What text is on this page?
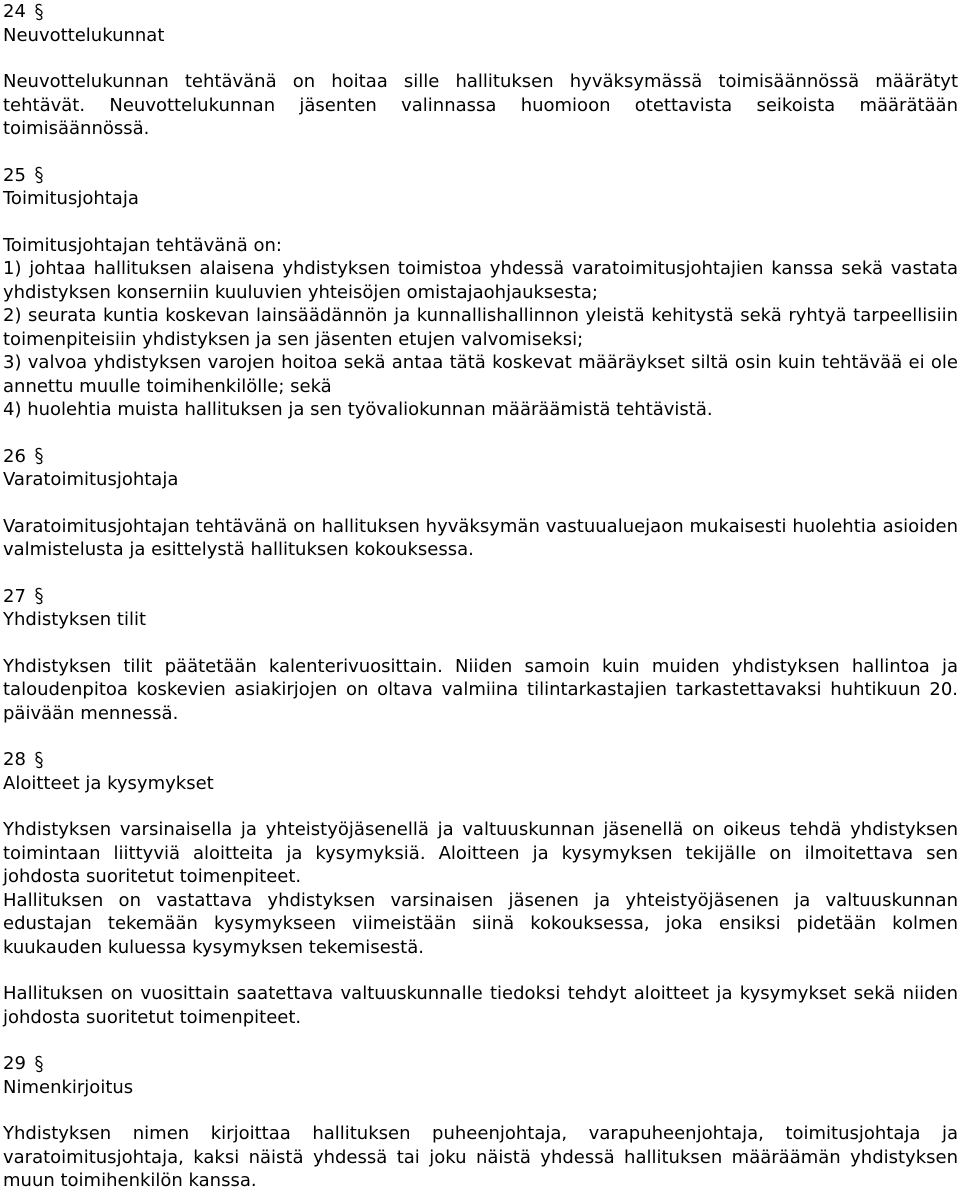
24

Neuvottelukunnat

Neuvottelukunnan tehtävänä on hoitaa sille hallituksen hyväksymässä toimisäännössä määrätyt tehtävät. Neuvottelukunnan jäsenten valinnassa huomioon otettavista seikoista määrätään toimisäännössä.

25

Toimitusjohtaja

Toimitusjohtajan tehtävänä on:

1) johtaa hallituksen alaisena yhdistyksen toimistoa yhdessä varatoimitusjohtajien kanssa sekä vastata yhdistyksen konserniin kuuluvien yhteisöjen omistajaohjauksesta;

2) seurata kuntia koskevan lainsäädännön ja kunnallishallinnon yleistä kehitystä sekä ryhtyä tarpeellisiin toimenpiteisiin yhdistyksen ja sen jäsenten etujen valvomiseksi;

3) valvoa yhdistyksen varojen hoitoa sekä antaa tätä koskevat määräykset siltä osin kuin tehtävää ei ole annettu muulle toimihenkilölle; sekä

4) huolehtia muista hallituksen ja sen työvaliokunnan määräämistä tehtävistä.

26

Varatoimitusjohtaja

Varatoimitusjohtajan tehtävänä on hallituksen hyväksymän vastuualuejaon mukaisesti huolehtia asioiden valmistelusta ja esittelystä hallituksen kokouksessa.

27

Yhdistyksen tilit

Yhdistyksen tilit päätetään kalenterivuosittain. Niiden samoin kuin muiden yhdistyksen hallintoa ja taloudenpitoa koskevien asiakirjojen on oltava valmiina tilintarkastajien tarkastettavaksi huhtikuun 20. päivään mennessä.

28

Aloitteet ja kysymykset

Yhdistyksen varsinaisella ja yhteistyöjäsenellä ja valtuuskunnan jäsenellä on oikeus tehdä yhdistyksen toimintaan liittyviä aloitteita ja kysymyksiä. Aloitteen ja kysymyksen tekijälle on ilmoitettava sen johdosta suoritetut toimenpiteet.

Hallituksen on vastattava yhdistyksen varsinaisen jäsenen ja yhteistyöjäsenen ja valtuuskunnan edustajan tekemään kysymykseen viimeistään siinä kokouksessa, joka ensiksi pidetään kolmen kuukauden kuluessa kysymyksen tekemisestä.

Hallituksen on vuosittain saatettava valtuuskunnalle tiedoksi tehdyt aloitteet ja kysymykset sekä niiden johdosta suoritetut toimenpiteet.

29

Nimenkirjoitus

Yhdistyksen nimen kirjoittaa hallituksen puheenjohtaja, varapuheenjohtaja, toimitusjohtaja ja varatoimitusjohtaja, kaksi näistä yhdessä tai joku näistä yhdessä hallituksen määräämän yhdistyksen muun toimihenkilön kanssa.
